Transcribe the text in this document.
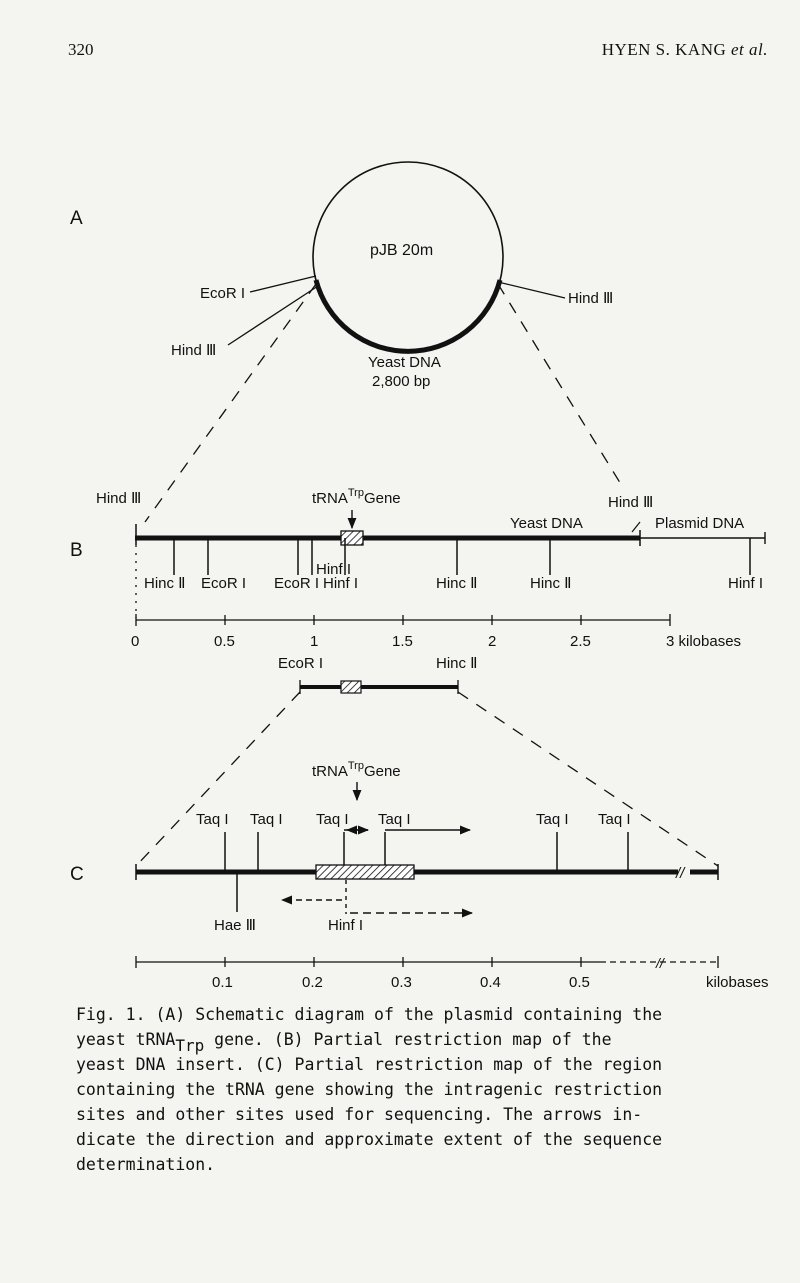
320	HYEN S. KANG et al.
A
B
C
pJB 20m
Yeast DNA
2,800 bp
EcoR I
Hind Ⅲ
Hind Ⅲ
Hind Ⅲ	tRNA$^{Trp}$Gene	Hind Ⅲ
Yeast DNA	Plasmid DNA
Hinc Ⅱ EcoR I
Hinf I
EcoR I Hinf I	Hinc Ⅱ	Hinc Ⅱ	Hinf I
0	0.5	1	1.5	2	2.5	3 kilobases
EcoR I	Hinc Ⅱ
tRNA$^{Trp}$Gene
Taq I Taq I Taq I Taq I	Taq I Taq I
//
Hae Ⅲ	Hinf I
//
0.1	0.2	0.3	0.4	0.5	kilobases
Fig. 1. (A) Schematic diagram of the plasmid containing the
yeast tRNA$^{Trp}$ gene. (B) Partial restriction map of the
yeast DNA insert. (C) Partial restriction map of the region
containing the tRNA gene showing the intragenic restriction
sites and other sites used for sequencing. The arrows in-
dicate the direction and approximate extent of the sequence
determination.
